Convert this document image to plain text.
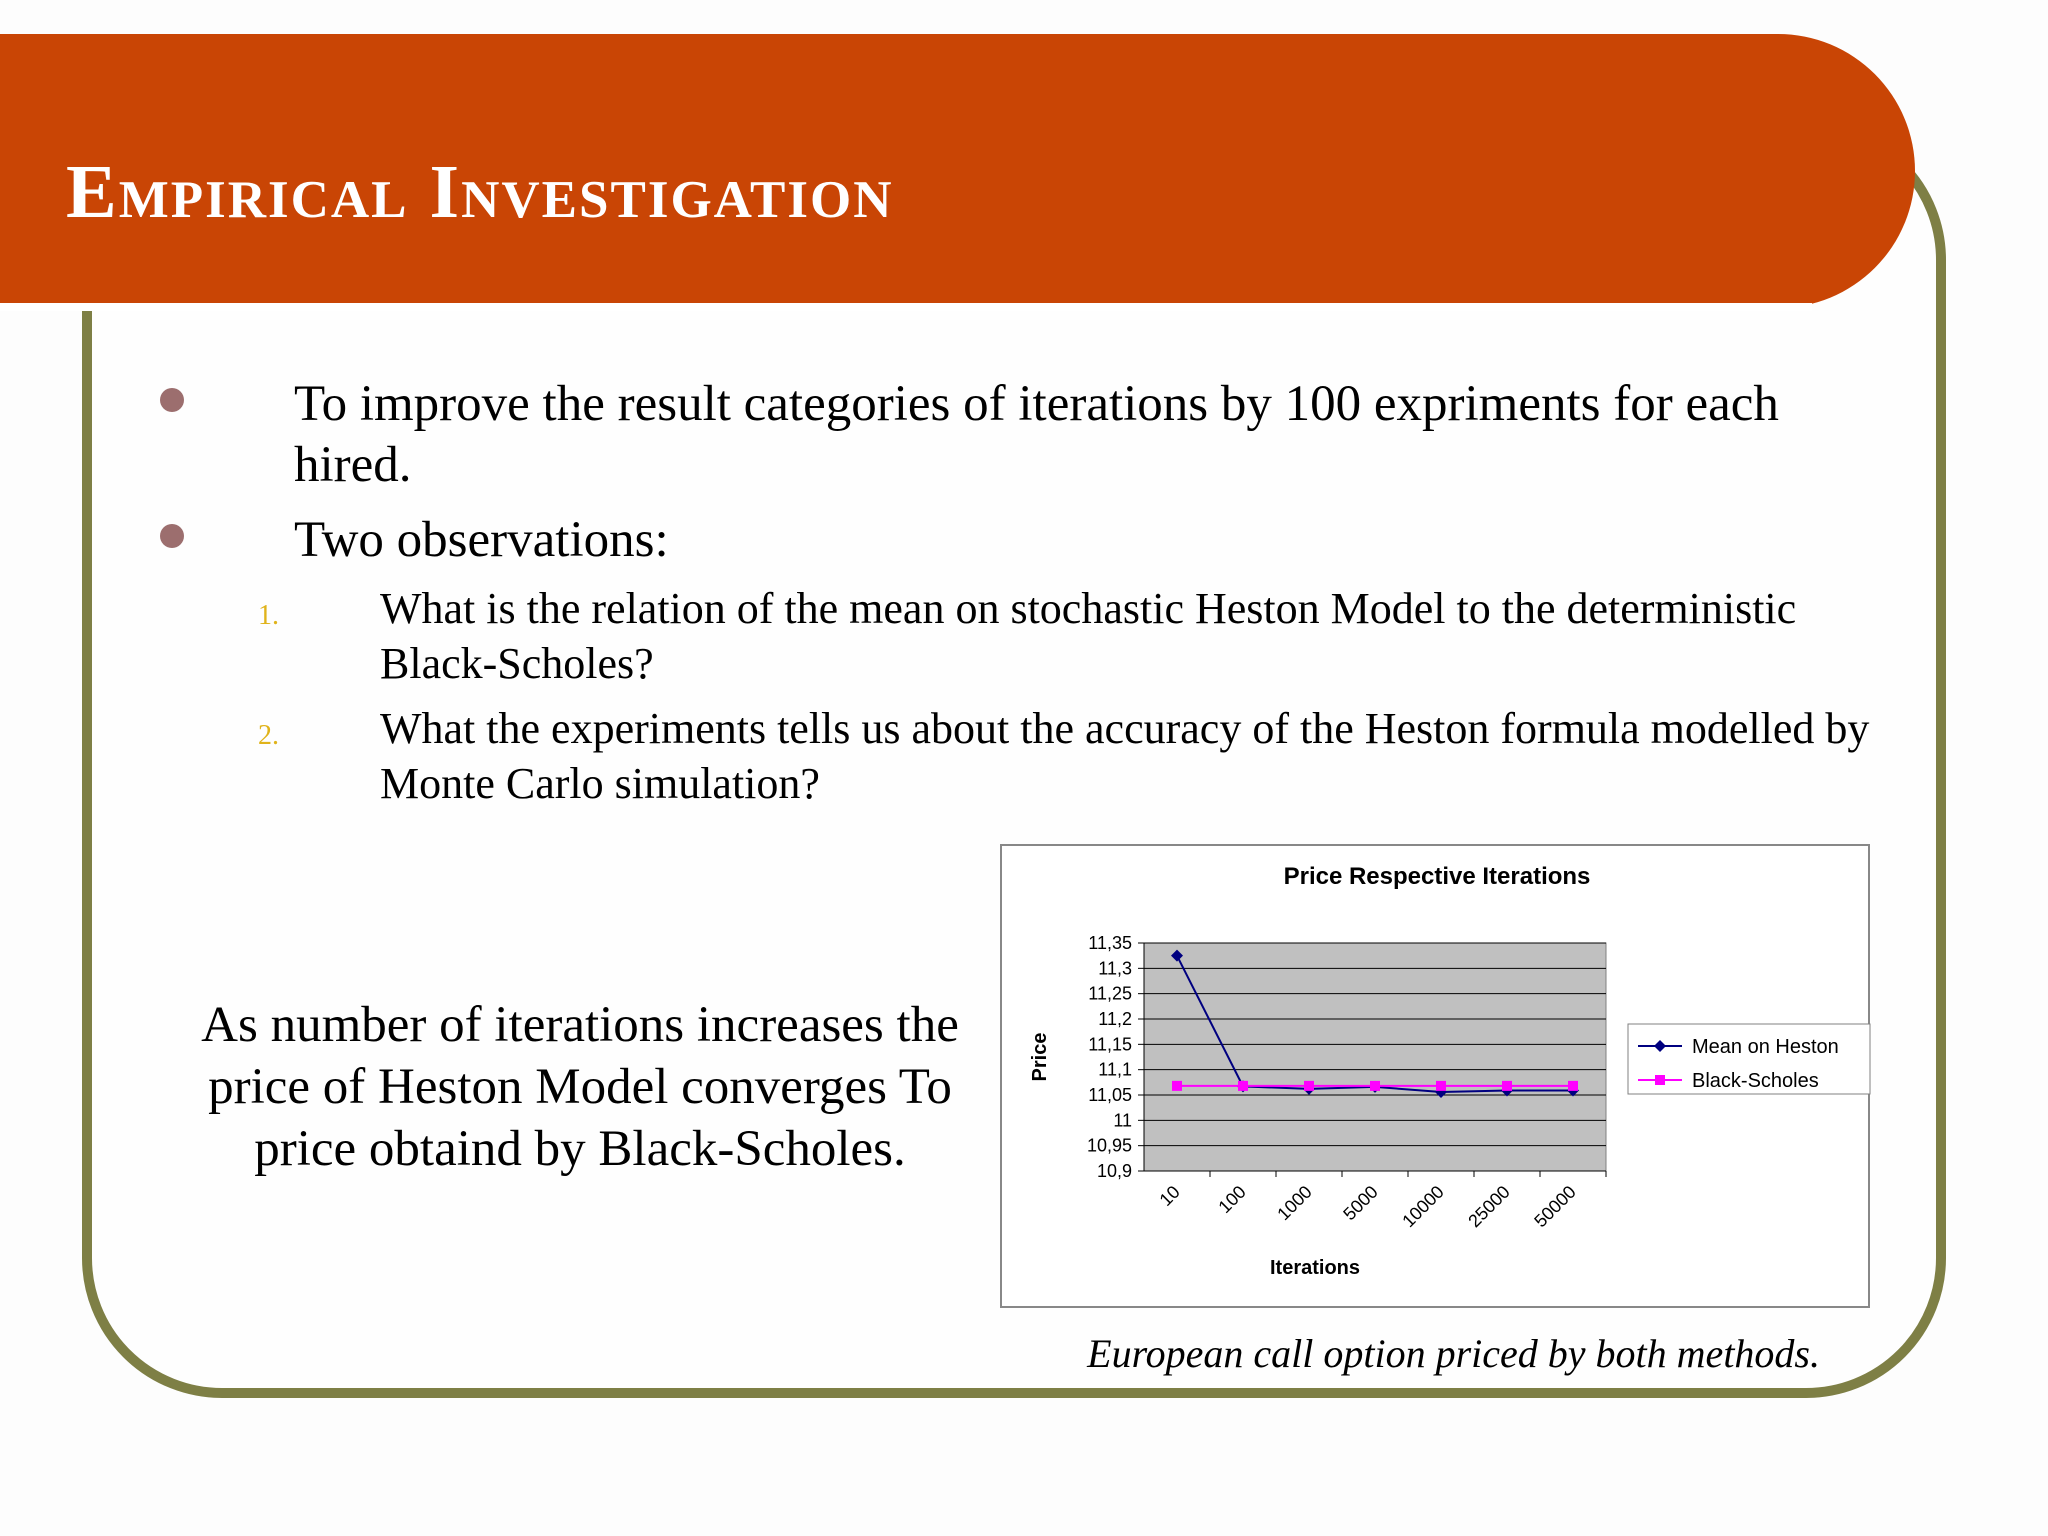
Empirical Investigation
To improve the result categories of iterations by 100 expriments for each hired.
Two observations:
1. What is the relation of the mean on stochastic Heston Model to the deterministic Black-Scholes?
2. What the experiments tells us about the accuracy of the Heston formula modelled by Monte Carlo simulation?
As number of iterations increases the price of Heston Model converges To price obtaind by Black-Scholes.
Price Respective Iterations
11,35
11,3
11,25
11,2
11,15
11,1
11,05
11
10,95
10,9
10 100 1000 5000 10000 25000 50000
Price
Iterations
Mean on Heston
Black-Scholes
European call option priced by both methods.
